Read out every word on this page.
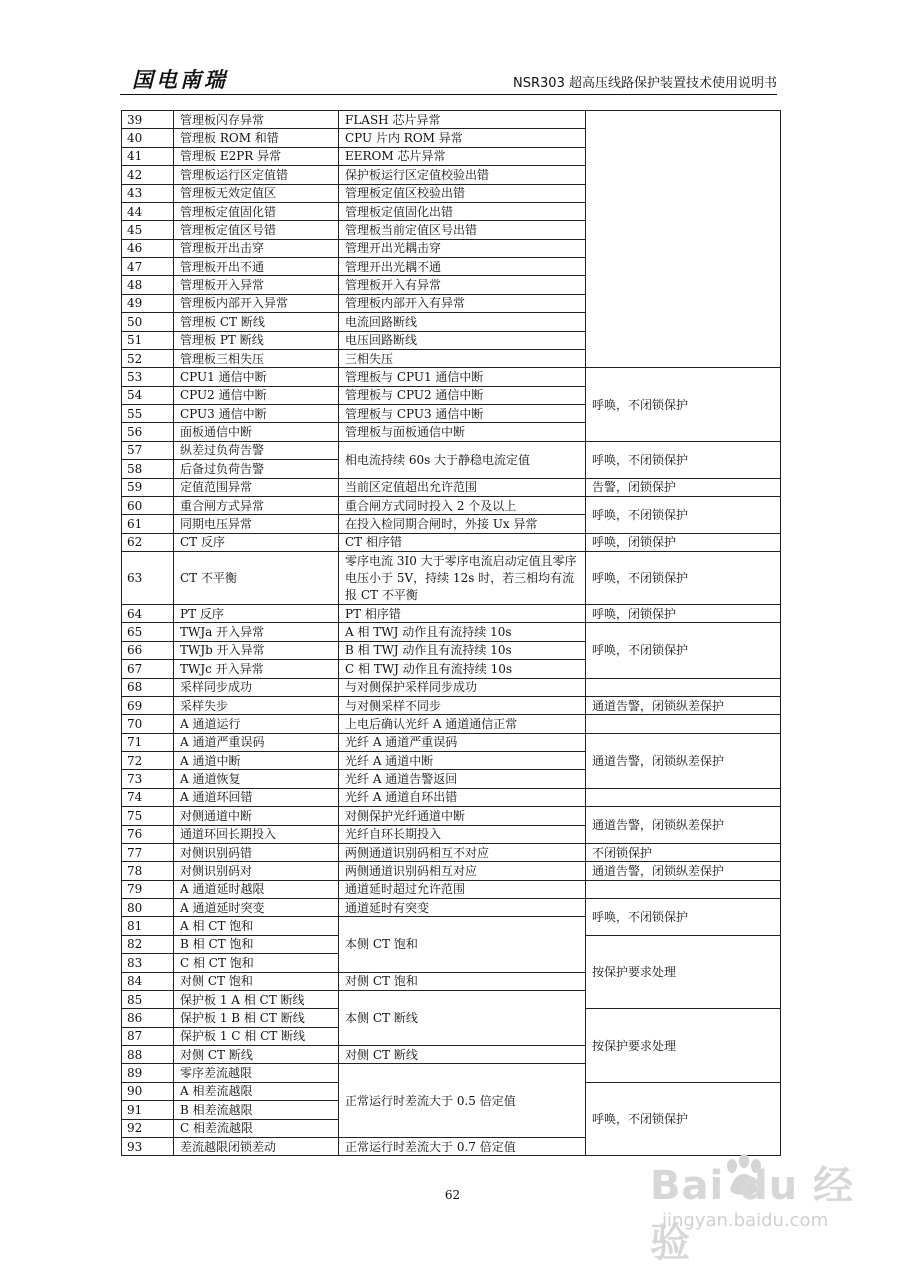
国电南瑞	NSR303 超高压线路保护装置技术使用说明书
39	管理板闪存异常	FLASH 芯片异常	
40	管理板 ROM 和错	CPU 片内 ROM 异常	
41	管理板 E2PR 异常	EEROM 芯片异常	
42	管理板运行区定值错	保护板运行区定值校验出错	
43	管理板无效定值区	管理板定值区校验出错	
44	管理板定值固化错	管理板定值固化出错	
45	管理板定值区号错	管理板当前定值区号出错	
46	管理板开出击穿	管理开出光耦击穿	
47	管理板开出不通	管理开出光耦不通	
48	管理板开入异常	管理板开入有异常	
49	管理板内部开入异常	管理板内部开入有异常	
50	管理板 CT 断线	电流回路断线	
51	管理板 PT 断线	电压回路断线	
52	管理板三相失压	三相失压	
53	CPU1 通信中断	管理板与 CPU1 通信中断	呼唤，不闭锁保护
54	CPU2 通信中断	管理板与 CPU2 通信中断	
55	CPU3 通信中断	管理板与 CPU3 通信中断	
56	面板通信中断	管理板与面板通信中断	
57	纵差过负荷告警	相电流持续 60s 大于静稳电流定值	呼唤，不闭锁保护
58	后备过负荷告警		
59	定值范围异常	当前区定值超出允许范围	告警，闭锁保护
60	重合闸方式异常	重合闸方式同时投入 2 个及以上	呼唤，不闭锁保护
61	同期电压异常	在投入检同期合闸时，外接 Ux 异常	
62	CT 反序	CT 相序错	呼唤，闭锁保护
63	CT 不平衡	零序电流 3I0 大于零序电流启动定值且零序电压小于 5V，持续 12s 时，若三相均有流报 CT 不平衡	呼唤，不闭锁保护
64	PT 反序	PT 相序错	呼唤，闭锁保护
65	TWJa 开入异常	A 相 TWJ 动作且有流持续 10s	呼唤，不闭锁保护
66	TWJb 开入异常	B 相 TWJ 动作且有流持续 10s	
67	TWJc 开入异常	C 相 TWJ 动作且有流持续 10s	
68	采样同步成功	与对侧保护采样同步成功	
69	采样失步	与对侧采样不同步	通道告警，闭锁纵差保护
70	A 通道运行	上电后确认光纤 A 通道通信正常	
71	A 通道严重误码	光纤 A 通道严重误码	通道告警，闭锁纵差保护
72	A 通道中断	光纤 A 通道中断	
73	A 通道恢复	光纤 A 通道告警返回	
74	A 通道环回错	光纤 A 通道自环出错	
75	对侧通道中断	对侧保护光纤通道中断	通道告警，闭锁纵差保护
76	通道环回长期投入	光纤自环长期投入	
77	对侧识别码错	两侧通道识别码相互不对应	不闭锁保护
78	对侧识别码对	两侧通道识别码相互对应	通道告警，闭锁纵差保护
79	A 通道延时越限	通道延时超过允许范围	
80	A 通道延时突变	通道延时有突变	呼唤，不闭锁保护
81	A 相 CT 饱和	本侧 CT 饱和	
82	B 相 CT 饱和		按保护要求处理
83	C 相 CT 饱和		
84	对侧 CT 饱和	对侧 CT 饱和	
85	保护板 1 A 相 CT 断线	本侧 CT 断线	
86	保护板 1 B 相 CT 断线		按保护要求处理
87	保护板 1 C 相 CT 断线		
88	对侧 CT 断线	对侧 CT 断线	
89	零序差流越限	正常运行时差流大于 0.5 倍定值	
90	A 相差流越限		呼唤，不闭锁保护
91	B 相差流越限		
92	C 相差流越限		
93	差流越限闭锁差动	正常运行时差流大于 0.7 倍定值	
62	Bai du 经验
jingyan.baidu.com
